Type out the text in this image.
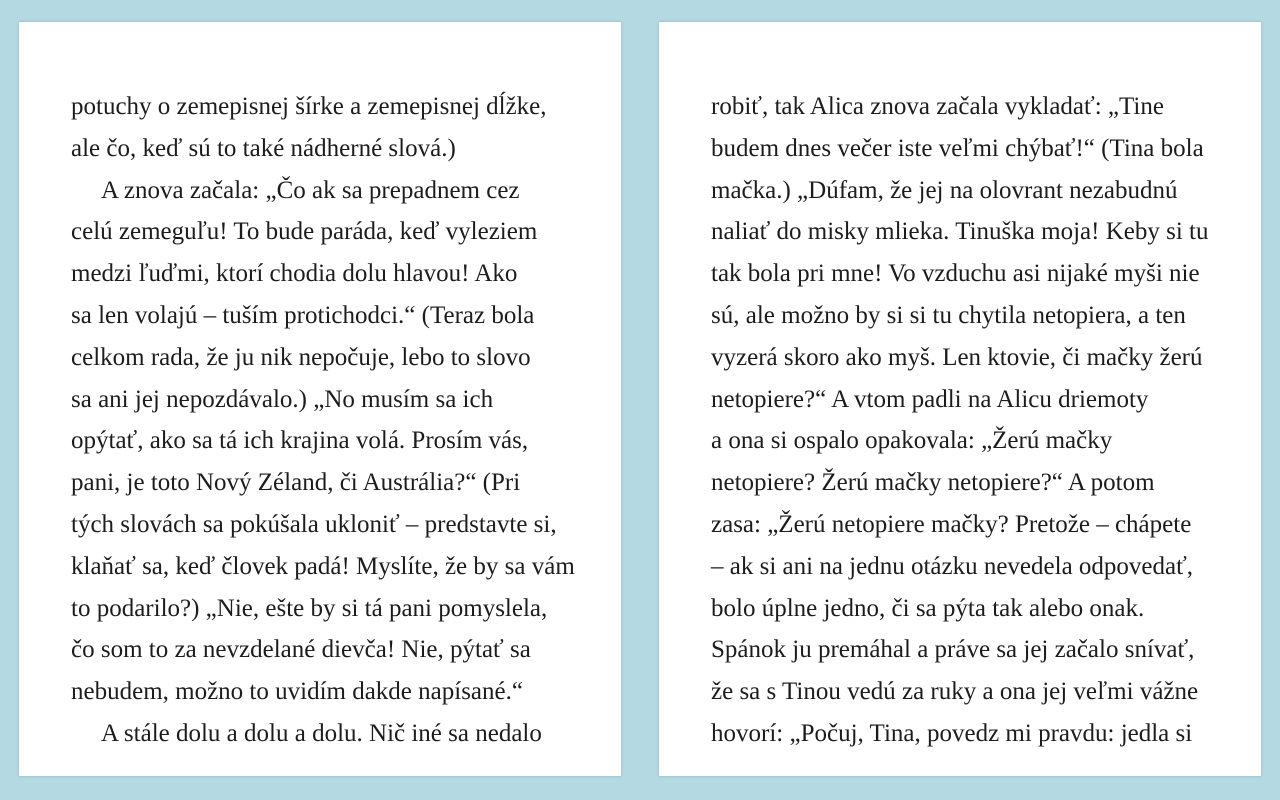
potuchy o zemepisnej šírke a zemepisnej dĺžke,
ale čo, keď sú to také nádherné slová.)
A znova začala: „Čo ak sa prepadnem cez
celú zemeguľu! To bude paráda, keď vyleziem
medzi ľuďmi, ktorí chodia dolu hlavou! Ako
sa len volajú – tuším protichodci.“ (Teraz bola
celkom rada, že ju nik nepočuje, lebo to slovo
sa ani jej nepozdávalo.) „No musím sa ich
opýtať, ako sa tá ich krajina volá. Prosím vás,
pani, je toto Nový Zéland, či Austrália?“ (Pri
tých slovách sa pokúšala ukloniť – predstavte si,
klaňať sa, keď človek padá! Myslíte, že by sa vám
to podarilo?) „Nie, ešte by si tá pani pomyslela,
čo som to za nevzdelané dievča! Nie, pýtať sa
nebudem, možno to uvidím dakde napísané.“
A stále dolu a dolu a dolu. Nič iné sa nedalo
robiť, tak Alica znova začala vykladať: „Tine
budem dnes večer iste veľmi chýbať!“ (Tina bola
mačka.) „Dúfam, že jej na olovrant nezabudnú
naliať do misky mlieka. Tinuška moja! Keby si tu
tak bola pri mne! Vo vzduchu asi nijaké myši nie
sú, ale možno by si si tu chytila netopiera, a ten
vyzerá skoro ako myš. Len ktovie, či mačky žerú
netopiere?“ A vtom padli na Alicu driemoty
a ona si ospalo opakovala: „Žerú mačky
netopiere? Žerú mačky netopiere?“ A potom
zasa: „Žerú netopiere mačky? Pretože – chápete
– ak si ani na jednu otázku nevedela odpovedať,
bolo úplne jedno, či sa pýta tak alebo onak.
Spánok ju premáhal a práve sa jej začalo snívať,
že sa s Tinou vedú za ruky a ona jej veľmi vážne
hovorí: „Počuj, Tina, povedz mi pravdu: jedla si
